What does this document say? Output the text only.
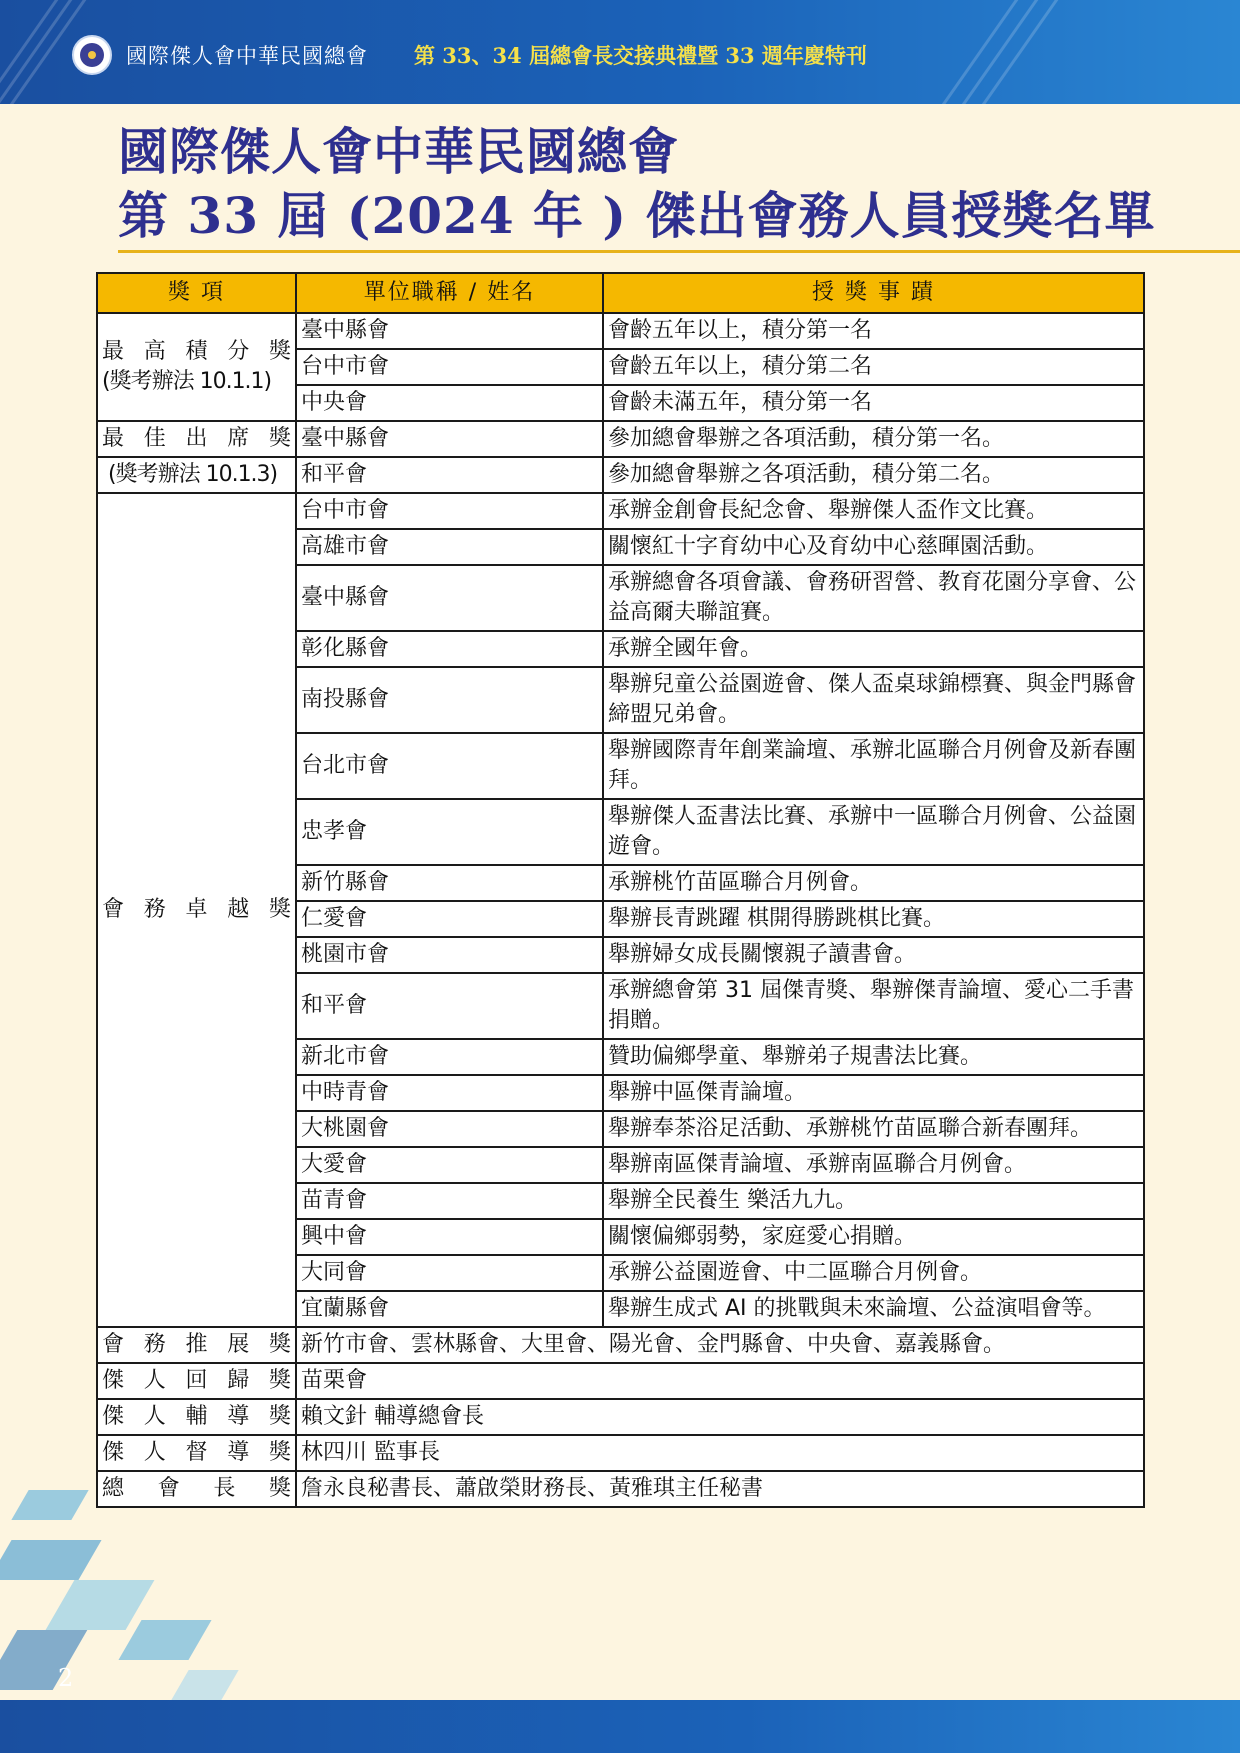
國際傑人會中華民國總會 第 33、34 屆總會長交接典禮暨 33 週年慶特刊
國際傑人會中華民國總會
第 33 屆 (2024 年 ) 傑出會務人員授獎名單
獎 項	單位職稱 / 姓名	授 獎 事 蹟

最高積分獎
(獎考辦法 10.1.1)	臺中縣會	會齡五年以上，積分第一名
	台中市會	會齡五年以上，積分第二名
	中央會	會齡未滿五年，積分第一名
最佳出席獎	臺中縣會	參加總會舉辦之各項活動，積分第一名。
(獎考辦法 10.1.3)	和平會	參加總會舉辦之各項活動，積分第二名。
會務卓越獎	台中市會	承辦金創會長紀念會、舉辦傑人盃作文比賽。
	高雄市會	關懷紅十字育幼中心及育幼中心慈暉園活動。
	臺中縣會	承辦總會各項會議、會務研習營、教育花園分享會、公益高爾夫聯誼賽。
	彰化縣會	承辦全國年會。
	南投縣會	舉辦兒童公益園遊會、傑人盃桌球錦標賽、與金門縣會締盟兄弟會。
	台北市會	舉辦國際青年創業論壇、承辦北區聯合月例會及新春團拜。
	忠孝會	舉辦傑人盃書法比賽、承辦中一區聯合月例會、公益園遊會。
	新竹縣會	承辦桃竹苗區聯合月例會。
	仁愛會	舉辦長青跳躍 棋開得勝跳棋比賽。
	桃園市會	舉辦婦女成長關懷親子讀書會。
	和平會	承辦總會第 31 屆傑青獎、舉辦傑青論壇、愛心二手書捐贈。
	新北市會	贊助偏鄉學童、舉辦弟子規書法比賽。
	中時青會	舉辦中區傑青論壇。
	大桃園會	舉辦奉茶浴足活動、承辦桃竹苗區聯合新春團拜。
	大愛會	舉辦南區傑青論壇、承辦南區聯合月例會。
	苗青會	舉辦全民養生 樂活九九。
	興中會	關懷偏鄉弱勢，家庭愛心捐贈。
	大同會	承辦公益園遊會、中二區聯合月例會。
	宜蘭縣會	舉辦生成式 AI 的挑戰與未來論壇、公益演唱會等。
會務推展獎	新竹市會、雲林縣會、大里會、陽光會、金門縣會、中央會、嘉義縣會。	
傑人回歸獎	苗栗會	
傑人輔導獎	賴文針 輔導總會長	
傑人督導獎	林四川 監事長	
總會長獎	詹永良秘書長、蕭啟榮財務長、黃雅琪主任秘書	
2
